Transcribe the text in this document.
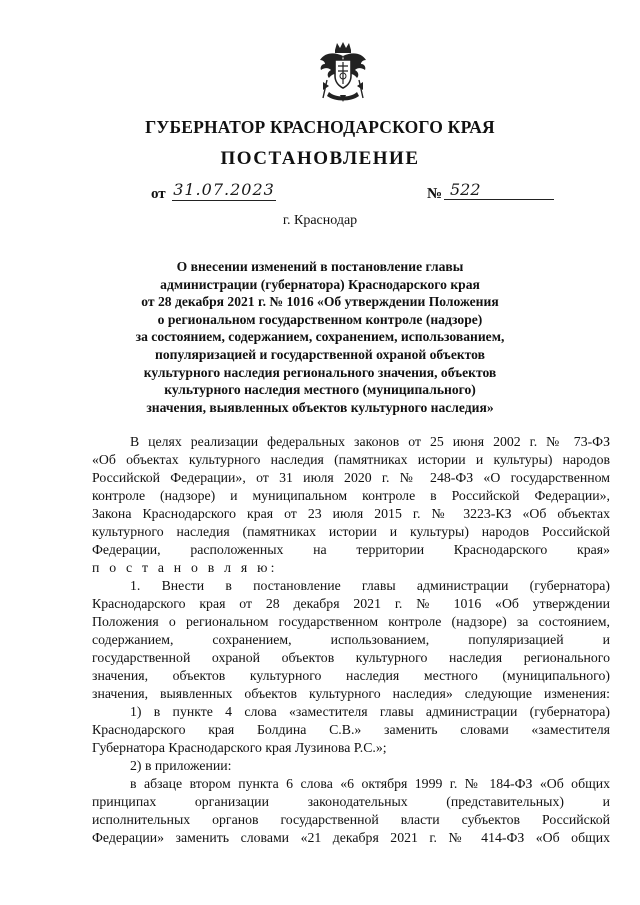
ГУБЕРНАТОР КРАСНОДАРСКОГО КРАЯ
ПОСТАНОВЛЕНИЕ
от 31.07.2023	№ 522
г. Краснодар
О внесении изменений в постановление главы
администрации (губернатора) Краснодарского края
от 28 декабря 2021 г. № 1016 «Об утверждении Положения
о региональном государственном контроле (надзоре)
за состоянием, содержанием, сохранением, использованием,
популяризацией и государственной охраной объектов
культурного наследия регионального значения, объектов
культурного наследия местного (муниципального)
значения, выявленных объектов культурного наследия»
В целях реализации федеральных законов от 25 июня 2002 г. № 73-ФЗ
«Об объектах культурного наследия (памятниках истории и культуры) народов
Российской Федерации», от 31 июля 2020 г. № 248-ФЗ «О государственном
контроле (надзоре) и муниципальном контроле в Российской Федерации»,
Закона Краснодарского края от 23 июля 2015 г. № 3223-КЗ «Об объектах
культурного наследия (памятниках истории и культуры) народов Российской
Федерации, расположенных на территории Краснодарского края»
п о с т а н о в л я ю:
1. Внести в постановление главы администрации (губернатора)
Краснодарского края от 28 декабря 2021 г. № 1016 «Об утверждении
Положения о региональном государственном контроле (надзоре) за состоянием,
содержанием, сохранением, использованием, популяризацией и
государственной охраной объектов культурного наследия регионального
значения, объектов культурного наследия местного (муниципального)
значения, выявленных объектов культурного наследия» следующие изменения:
1) в пункте 4 слова «заместителя главы администрации (губернатора)
Краснодарского края Болдина С.В.» заменить словами «заместителя
Губернатора Краснодарского края Лузинова Р.С.»;
2) в приложении:
в абзаце втором пункта 6 слова «6 октября 1999 г. № 184-ФЗ «Об общих
принципах организации законодательных (представительных) и
исполнительных органов государственной власти субъектов Российской
Федерации» заменить словами «21 декабря 2021 г. № 414-ФЗ «Об общих
